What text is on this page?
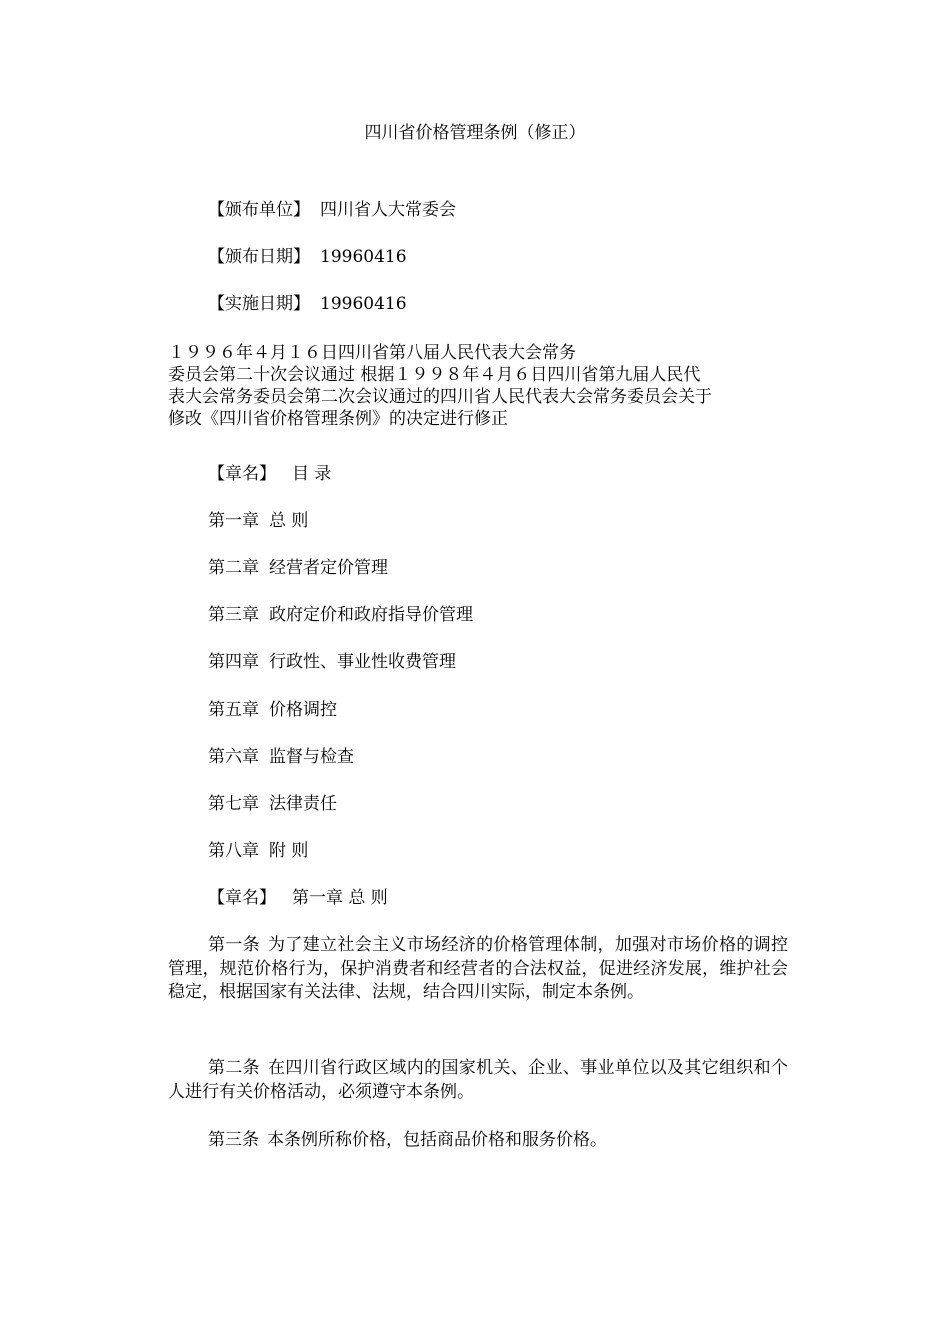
四川省价格管理条例（修正）
【颁布单位】 四川省人大常委会
【颁布日期】 19960416
【实施日期】 19960416
１９９６年４月１６日四川省第八届人民代表大会常务
委员会第二十次会议通过 根据１９９８年４月６日四川省第九届人民代
表大会常务委员会第二次会议通过的四川省人民代表大会常务委员会关于
修改《四川省价格管理条例》的决定进行修正
【章名】 目 录
第一章 总 则
第二章 经营者定价管理
第三章 政府定价和政府指导价管理
第四章 行政性、事业性收费管理
第五章 价格调控
第六章 监督与检查
第七章 法律责任
第八章 附 则
【章名】 第一章 总 则
第一条 为了建立社会主义市场经济的价格管理体制，加强对市场价格的调控管理，规范价格行为，保护消费者和经营者的合法权益，促进经济发展，维护社会稳定，根据国家有关法律、法规，结合四川实际，制定本条例。
第二条 在四川省行政区域内的国家机关、企业、事业单位以及其它组织和个人进行有关价格活动，必须遵守本条例。
第三条 本条例所称价格，包括商品价格和服务价格。
